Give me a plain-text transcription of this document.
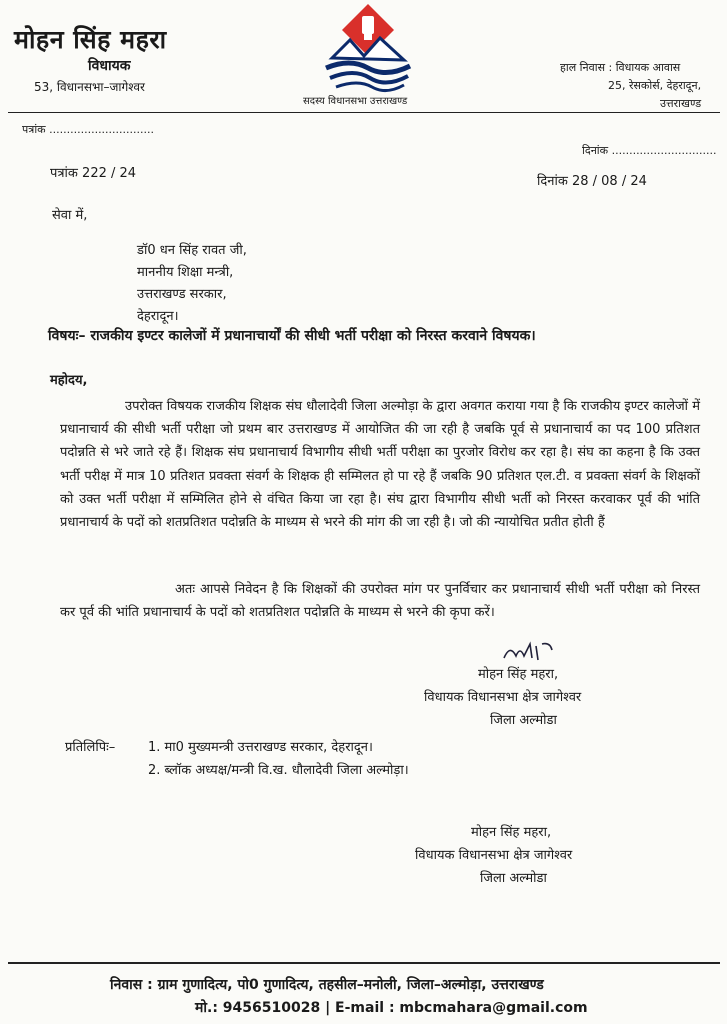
मोहन सिंह महरा
विधायक
53, विधानसभा–जागेश्वर
सदस्य विधानसभा उत्तराखण्ड
हाल निवास : विधायक आवास
25, रेसकोर्स, देहरादून,
उत्तराखण्ड
पत्रांक ..............................
दिनांक ..............................
पत्रांक 222 / 24
दिनांक 28 / 08 / 24
सेवा में,
डॉ0 धन सिंह रावत जी,
माननीय शिक्षा मन्त्री,
उत्तराखण्ड सरकार,
देहरादून।
विषयः– राजकीय इण्टर कालेजों में प्रधानाचार्यों की सीधी भर्ती परीक्षा को निरस्त करवाने विषयक।
महोदय,

उपरोक्त विषयक राजकीय शिक्षक संघ धौलादेवी जिला अल्मोड़ा के द्वारा अवगत कराया गया है कि राजकीय इण्टर कालेजों में प्रधानाचार्य की सीधी भर्ती परीक्षा जो प्रथम बार उत्तराखण्ड में आयोजित की जा रही है जबकि पूर्व से प्रधानाचार्य का पद 100 प्रतिशत पदोन्नति से भरे जाते रहे हैं। शिक्षक संघ प्रधानाचार्य विभागीय सीधी भर्ती परीक्षा का पुरजोर विरोध कर रहा है। संघ का कहना है कि उक्त भर्ती परीक्ष में मात्र 10 प्रतिशत प्रवक्ता संवर्ग के शिक्षक ही सम्मिलत हो पा रहे हैं जबकि 90 प्रतिशत एल.टी. व प्रवक्ता संवर्ग के शिक्षकों को उक्त भर्ती परीक्षा में सम्मिलित होने से वंचित किया जा रहा है। संघ द्वारा विभागीय सीधी भर्ती को निरस्त करवाकर पूर्व की भांति प्रधानाचार्य के पदों को शतप्रतिशत पदोन्नति के माध्यम से भरने की मांग की जा रही है। जो की न्यायोचित प्रतीत होती हैं

अतः आपसे निवेदन है कि शिक्षकों की उपरोक्त मांग पर पुनर्विचार कर प्रधानाचार्य सीधी भर्ती परीक्षा को निरस्त कर पूर्व की भांति प्रधानाचार्य के पदों को शतप्रतिशत पदोन्नति के माध्यम से भरने की कृपा करें।

मोहन सिंह महरा,
विधायक विधानसभा क्षेत्र जागेश्वर
जिला अल्मोडा
प्रतिलिपिः–	1. मा0 मुख्यमन्त्री उत्तराखण्ड सरकार, देहरादून।
2. ब्लॉक अध्यक्ष/मन्त्री वि.ख. धौलादेवी जिला अल्मोड़ा।
मोहन सिंह महरा,
विधायक विधानसभा क्षेत्र जागेश्वर
जिला अल्मोडा
निवास : ग्राम गुणादित्य, पो0 गुणादित्य, तहसील–मनोली, जिला–अल्मोड़ा, उत्तराखण्ड
मो.: 9456510028 | E-mail : mbcmahara@gmail.com
